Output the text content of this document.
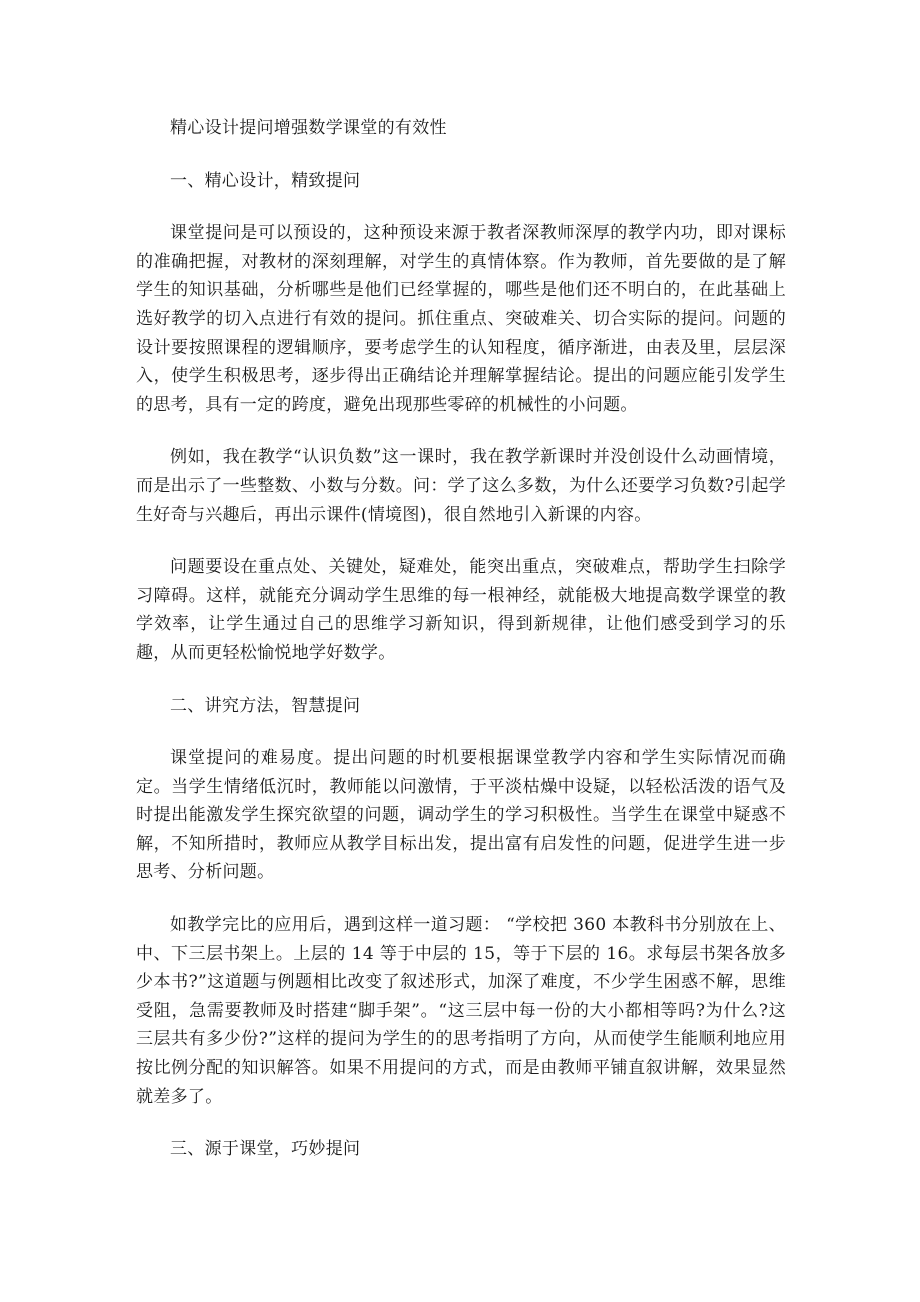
精心设计提问增强数学课堂的有效性

一、精心设计，精致提问

课堂提问是可以预设的，这种预设来源于教者深教师深厚的教学内功，即对课标的准确把握，对教材的深刻理解，对学生的真情体察。作为教师，首先要做的是了解学生的知识基础，分析哪些是他们已经掌握的，哪些是他们还不明白的，在此基础上选好教学的切入点进行有效的提问。抓住重点、突破难关、切合实际的提问。问题的设计要按照课程的逻辑顺序，要考虑学生的认知程度，循序渐进，由表及里，层层深入，使学生积极思考，逐步得出正确结论并理解掌握结论。提出的问题应能引发学生的思考，具有一定的跨度，避免出现那些零碎的机械性的小问题。

例如，我在教学“认识负数”这一课时，我在教学新课时并没创设什么动画情境，而是出示了一些整数、小数与分数。问：学了这么多数，为什么还要学习负数?引起学生好奇与兴趣后，再出示课件(情境图)，很自然地引入新课的内容。

问题要设在重点处、关键处，疑难处，能突出重点，突破难点，帮助学生扫除学习障碍。这样，就能充分调动学生思维的每一根神经，就能极大地提高数学课堂的教学效率，让学生通过自己的思维学习新知识，得到新规律，让他们感受到学习的乐趣，从而更轻松愉悦地学好数学。

二、讲究方法，智慧提问

课堂提问的难易度。提出问题的时机要根据课堂教学内容和学生实际情况而确定。当学生情绪低沉时，教师能以问激情，于平淡枯燥中设疑，以轻松活泼的语气及时提出能激发学生探究欲望的问题，调动学生的学习积极性。当学生在课堂中疑惑不解，不知所措时，教师应从教学目标出发，提出富有启发性的问题，促进学生进一步思考、分析问题。

如教学完比的应用后，遇到这样一道习题： “学校把 360 本教科书分别放在上、中、下三层书架上。上层的 14 等于中层的 15，等于下层的 16。求每层书架各放多少本书?”这道题与例题相比改变了叙述形式，加深了难度，不少学生困惑不解，思维受阻，急需要教师及时搭建“脚手架”。“这三层中每一份的大小都相等吗?为什么?这三层共有多少份?”这样的提问为学生的的思考指明了方向，从而使学生能顺利地应用按比例分配的知识解答。如果不用提问的方式，而是由教师平铺直叙讲解，效果显然就差多了。

三、源于课堂，巧妙提问
